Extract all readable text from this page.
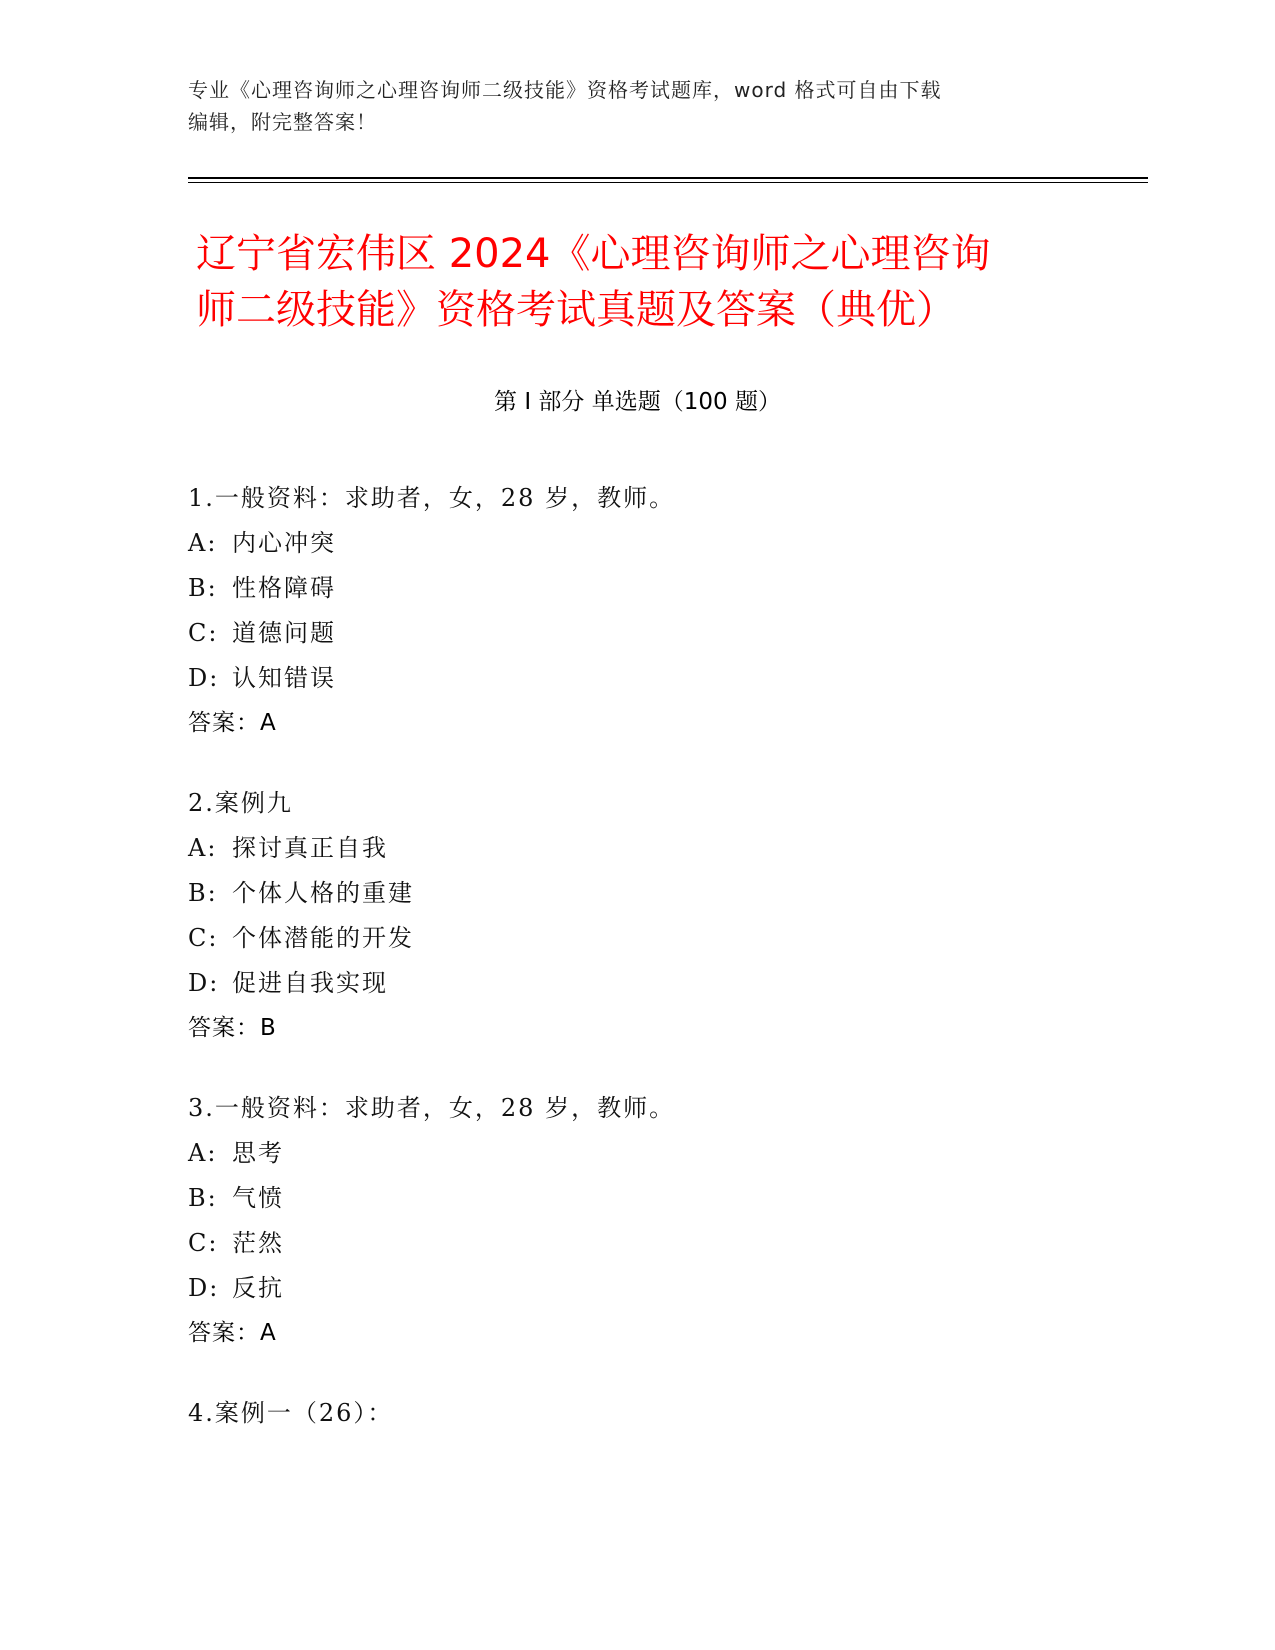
专业《心理咨询师之心理咨询师二级技能》资格考试题库，word 格式可自由下载
编辑，附完整答案！
辽宁省宏伟区 2024《心理咨询师之心理咨询
师二级技能》资格考试真题及答案（典优）
第 I 部分 单选题（100 题）
1.一般资料：求助者，女，28 岁，教师。
A: 内心冲突
B: 性格障碍
C: 道德问题
D: 认知错误
答案：A
2.案例九
A: 探讨真正自我
B: 个体人格的重建
C: 个体潜能的开发
D: 促进自我实现
答案：B
3.一般资料：求助者，女，28 岁，教师。
A: 思考
B: 气愤
C: 茫然
D: 反抗
答案：A
4.案例一（26）：
